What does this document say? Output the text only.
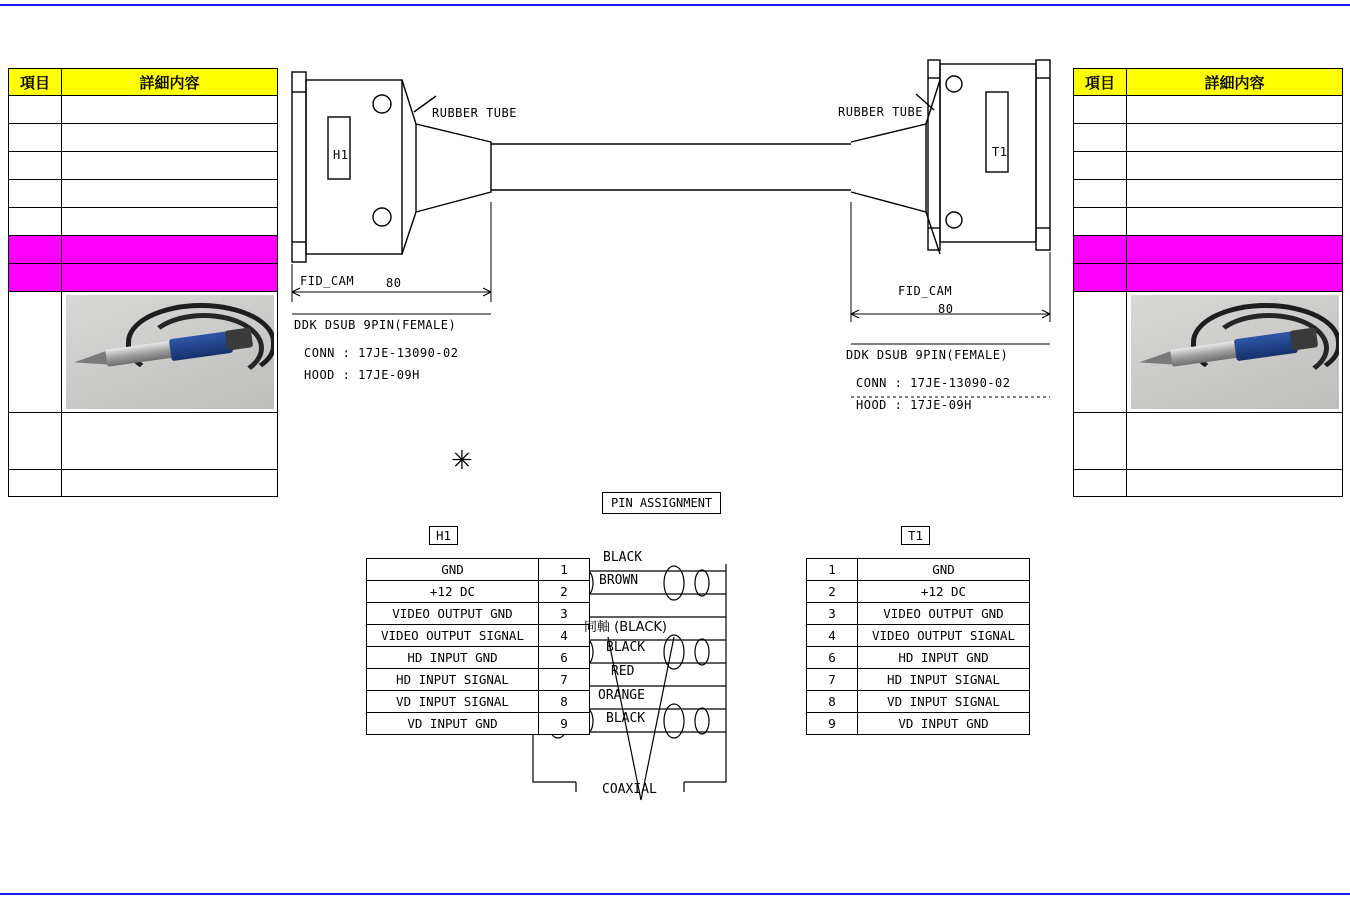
項目	詳細内容

		項目	詳細内容

H1
RUBBER TUBE
T1
RUBBER TUBE
FID_CAM	80
DDK DSUB 9PIN(FEMALE)
CONN : 17JE-13090-02
HOOD : 17JE-09H
FID_CAM
80
DDK DSUB 9PIN(FEMALE)
CONN : 17JE-13090-02
HOOD : 17JE-09H
✳
PIN ASSIGNMENT
H1	T1
GND	1
+12 DC	2
VIDEO OUTPUT GND	3
VIDEO OUTPUT SIGNAL	4
HD INPUT GND	6
HD INPUT SIGNAL	7
VD INPUT SIGNAL	8
VD INPUT GND	9
1	GND
2	+12 DC
3	VIDEO OUTPUT GND
4	VIDEO OUTPUT SIGNAL
6	HD INPUT GND
7	HD INPUT SIGNAL
8	VD INPUT SIGNAL
9	VD INPUT GND
BLACK
BROWN
同軸 (BLACK)
BLACK
RED
ORANGE
BLACK
COAXIAL
